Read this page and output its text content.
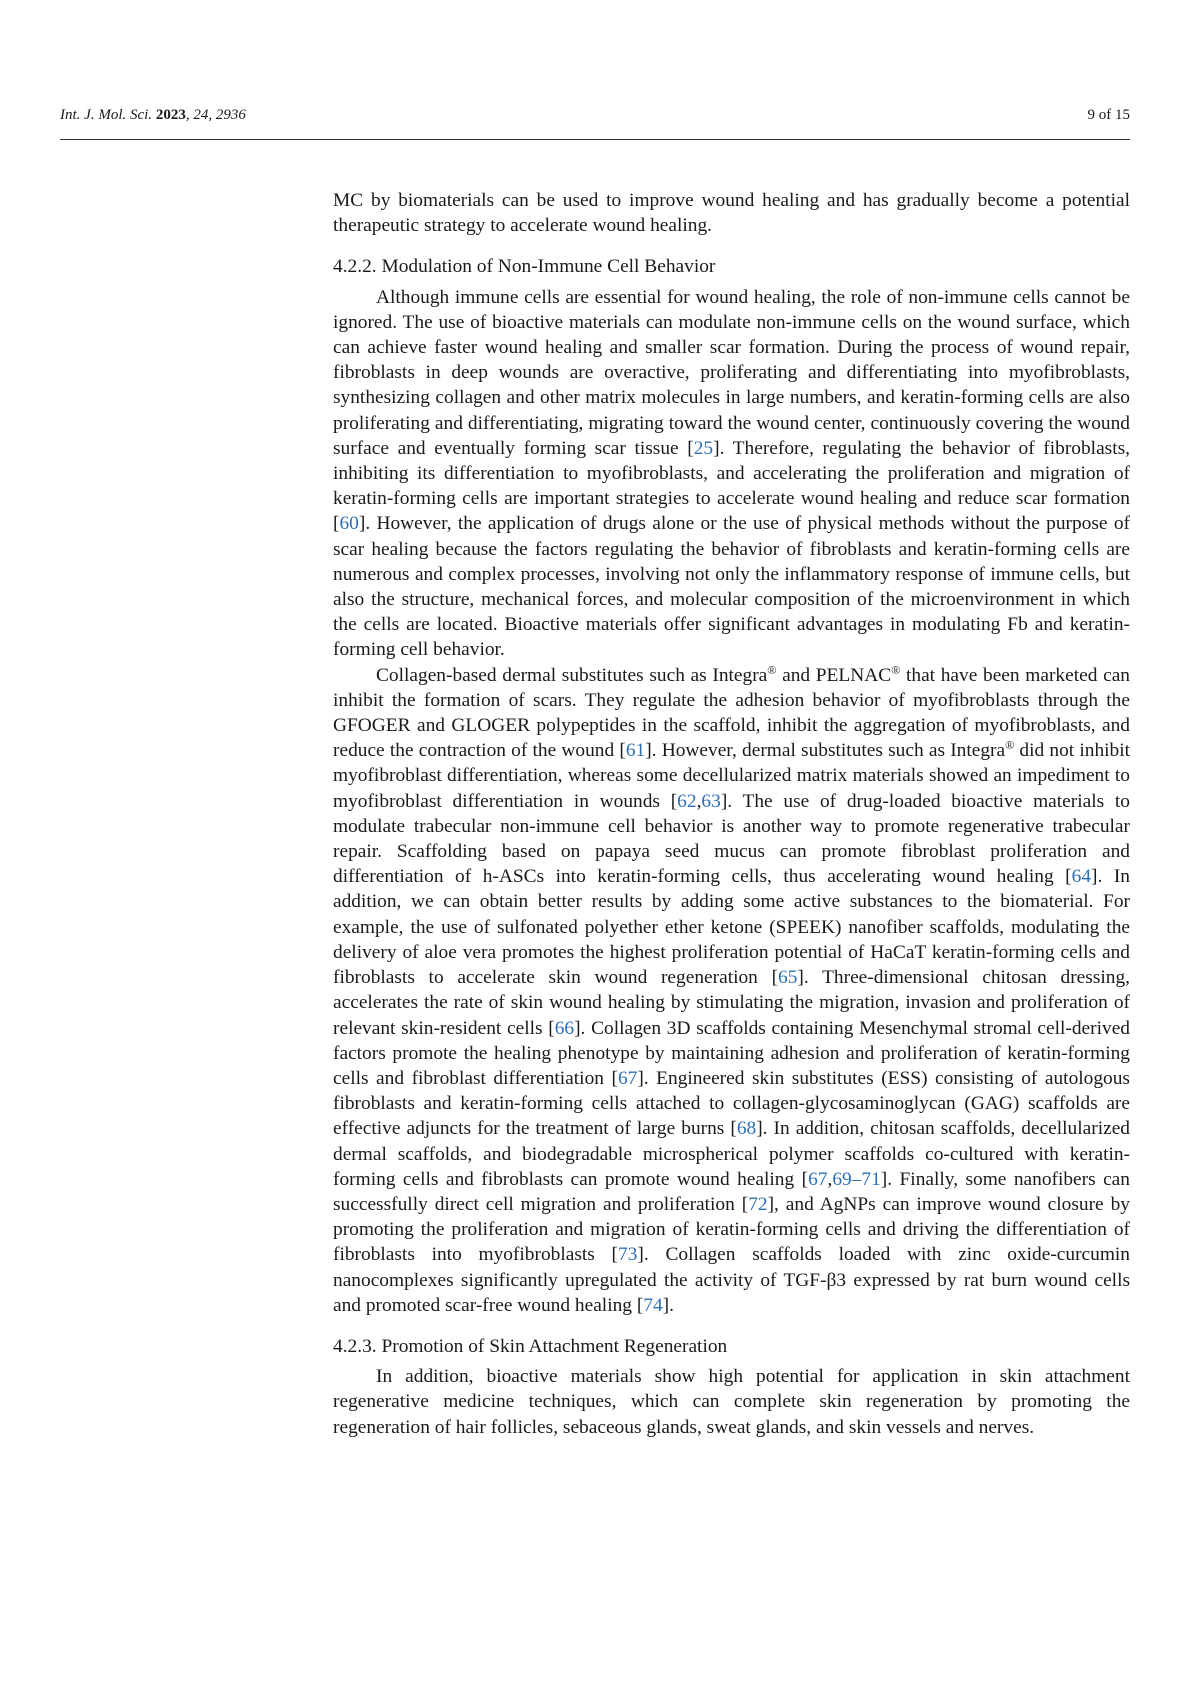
Int. J. Mol. Sci. 2023, 24, 2936	9 of 15

MC by biomaterials can be used to improve wound healing and has gradually become a potential therapeutic strategy to accelerate wound healing.

4.2.2. Modulation of Non-Immune Cell Behavior

Although immune cells are essential for wound healing, the role of non-immune cells cannot be ignored. The use of bioactive materials can modulate non-immune cells on the wound surface, which can achieve faster wound healing and smaller scar formation. During the process of wound repair, fibroblasts in deep wounds are overactive, proliferating and differentiating into myofibroblasts, synthesizing collagen and other matrix molecules in large numbers, and keratin-forming cells are also proliferating and differentiating, migrating toward the wound center, continuously covering the wound surface and eventually forming scar tissue [25]. Therefore, regulating the behavior of fibroblasts, inhibiting its differentiation to myofibroblasts, and accelerating the proliferation and migration of keratin-forming cells are important strategies to accelerate wound healing and reduce scar formation [60]. However, the application of drugs alone or the use of physical methods without the purpose of scar healing because the factors regulating the behavior of fibroblasts and keratin-forming cells are numerous and complex processes, involving not only the inflammatory response of immune cells, but also the structure, mechanical forces, and molecular composition of the microenvironment in which the cells are located. Bioactive materials offer significant advantages in modulating Fb and keratin-forming cell behavior.

Collagen-based dermal substitutes such as Integra® and PELNAC® that have been marketed can inhibit the formation of scars. They regulate the adhesion behavior of myofibroblasts through the GFOGER and GLOGER polypeptides in the scaffold, inhibit the aggregation of myofibroblasts, and reduce the contraction of the wound [61]. However, dermal substitutes such as Integra® did not inhibit myofibroblast differentiation, whereas some decellularized matrix materials showed an impediment to myofibroblast differentiation in wounds [62,63]. The use of drug-loaded bioactive materials to modulate trabecular non-immune cell behavior is another way to promote regenerative trabecular repair. Scaffolding based on papaya seed mucus can promote fibroblast proliferation and differentiation of h-ASCs into keratin-forming cells, thus accelerating wound healing [64]. In addition, we can obtain better results by adding some active substances to the biomaterial. For example, the use of sulfonated polyether ether ketone (SPEEK) nanofiber scaffolds, modulating the delivery of aloe vera promotes the highest proliferation potential of HaCaT keratin-forming cells and fibroblasts to accelerate skin wound regeneration [65]. Three-dimensional chitosan dressing, accelerates the rate of skin wound healing by stimulating the migration, invasion and proliferation of relevant skin-resident cells [66]. Collagen 3D scaffolds containing Mesenchymal stromal cell-derived factors promote the healing phenotype by maintaining adhesion and proliferation of keratin-forming cells and fibroblast differentiation [67]. Engineered skin substitutes (ESS) consisting of autologous fibroblasts and keratin-forming cells attached to collagen-glycosaminoglycan (GAG) scaffolds are effective adjuncts for the treatment of large burns [68]. In addition, chitosan scaffolds, decellularized dermal scaffolds, and biodegradable microspherical polymer scaffolds co-cultured with keratin-forming cells and fibroblasts can promote wound healing [67,69–71]. Finally, some nanofibers can successfully direct cell migration and proliferation [72], and AgNPs can improve wound closure by promoting the proliferation and migration of keratin-forming cells and driving the differentiation of fibroblasts into myofibroblasts [73]. Collagen scaffolds loaded with zinc oxide-curcumin nanocomplexes significantly upregulated the activity of TGF-β3 expressed by rat burn wound cells and promoted scar-free wound healing [74].

4.2.3. Promotion of Skin Attachment Regeneration

In addition, bioactive materials show high potential for application in skin attachment regenerative medicine techniques, which can complete skin regeneration by promoting the regeneration of hair follicles, sebaceous glands, sweat glands, and skin vessels and nerves.
